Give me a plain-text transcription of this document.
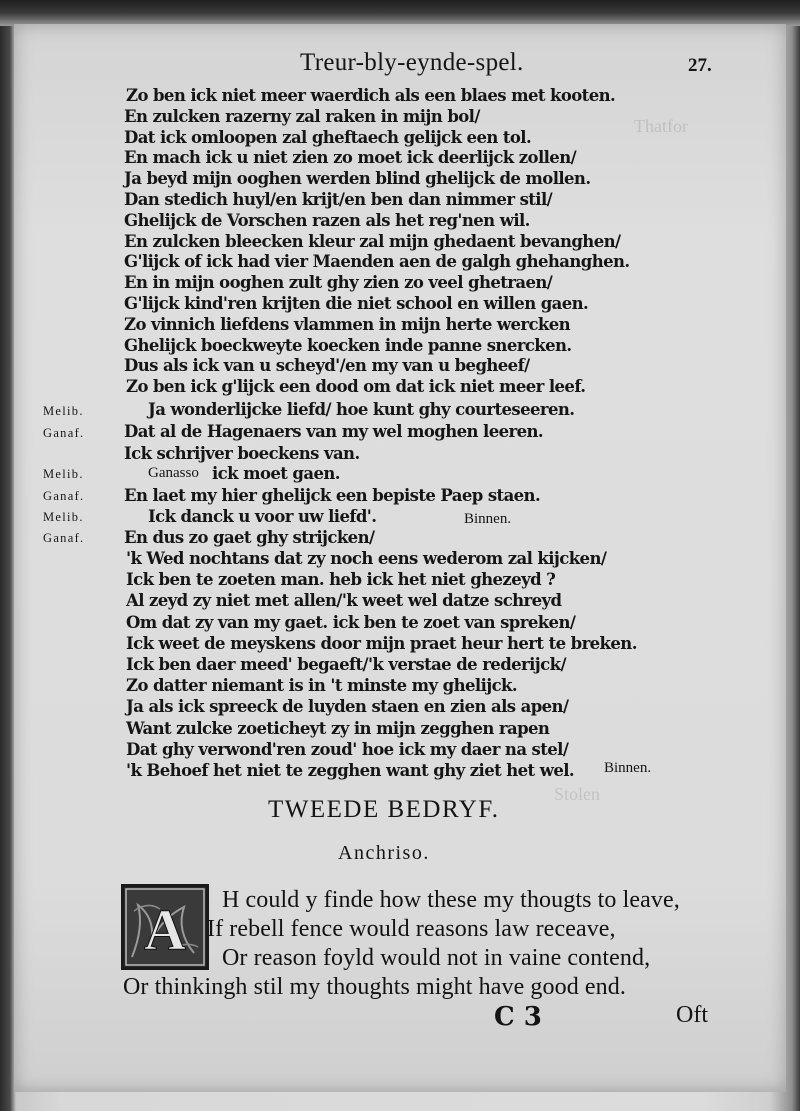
Thatfor
Stolen
Treur-bly-eynde-spel.	27.
Zo ben ick niet meer waerdich als een blaes met kooten.
En zulcken razerny zal raken in mijn bol/
Dat ick omloopen zal gheftaech gelijck een tol.
En mach ick u niet zien zo moet ick deerlijck zollen/
Ja beyd mijn ooghen werden blind ghelijck de mollen.
Dan stedich huyl/en krijt/en ben dan nimmer stil/
Ghelijck de Vorschen razen als het reg'nen wil.
En zulcken bleecken kleur zal mijn ghedaent bevanghen/
G'lijck of ick had vier Maenden aen de galgh ghehanghen.
En in mijn ooghen zult ghy zien zo veel ghetraen/
G'lijck kind'ren krijten die niet school en willen gaen.
Zo vinnich liefdens vlammen in mijn herte wercken
Ghelijck boeckweyte koecken inde panne snercken.
Dus als ick van u scheyd'/en my van u begheef/
Zo ben ick g'lijck een dood om dat ick niet meer leef.
Melib.	Ja wonderlijcke liefd/ hoe kunt ghy courteseeren.
Ganaf. Dat al de Hagenaers van my wel moghen leeren.
Ick schrijver boeckens van.
Melib.	Ganasso ick moet gaen.
Ganaf. En laet my hier ghelijck een bepiste Paep staen.
Melib.	Ick danck u voor uw liefd'.	Binnen.
Ganaf. En dus zo gaet ghy strijcken/
'k Wed nochtans dat zy noch eens wederom zal kijcken/
Ick ben te zoeten man. heb ick het niet ghezeyd ?
Al zeyd zy niet met allen/'k weet wel datze schreyd
Om dat zy van my gaet. ick ben te zoet van spreken/
Ick weet de meyskens door mijn praet heur hert te breken.
Ick ben daer meed' begaeft/'k verstae de rederijck/
Zo datter niemant is in 't minste my ghelijck.
Ja als ick spreeck de luyden staen en zien als apen/
Want zulcke zoeticheyt zy in mijn zegghen rapen
Dat ghy verwond'ren zoud' hoe ick my daer na stel/
'k Behoef het niet te zegghen want ghy ziet het wel. Binnen.
TWEEDE BEDRYF.
Anchriso.
A H could y finde how these my thougts to leave,
If rebell fence would reasons law receave,
Or reason foyld would not in vaine contend,
Or thinkingh stil my thoughts might have good end.
C 3	Oft
